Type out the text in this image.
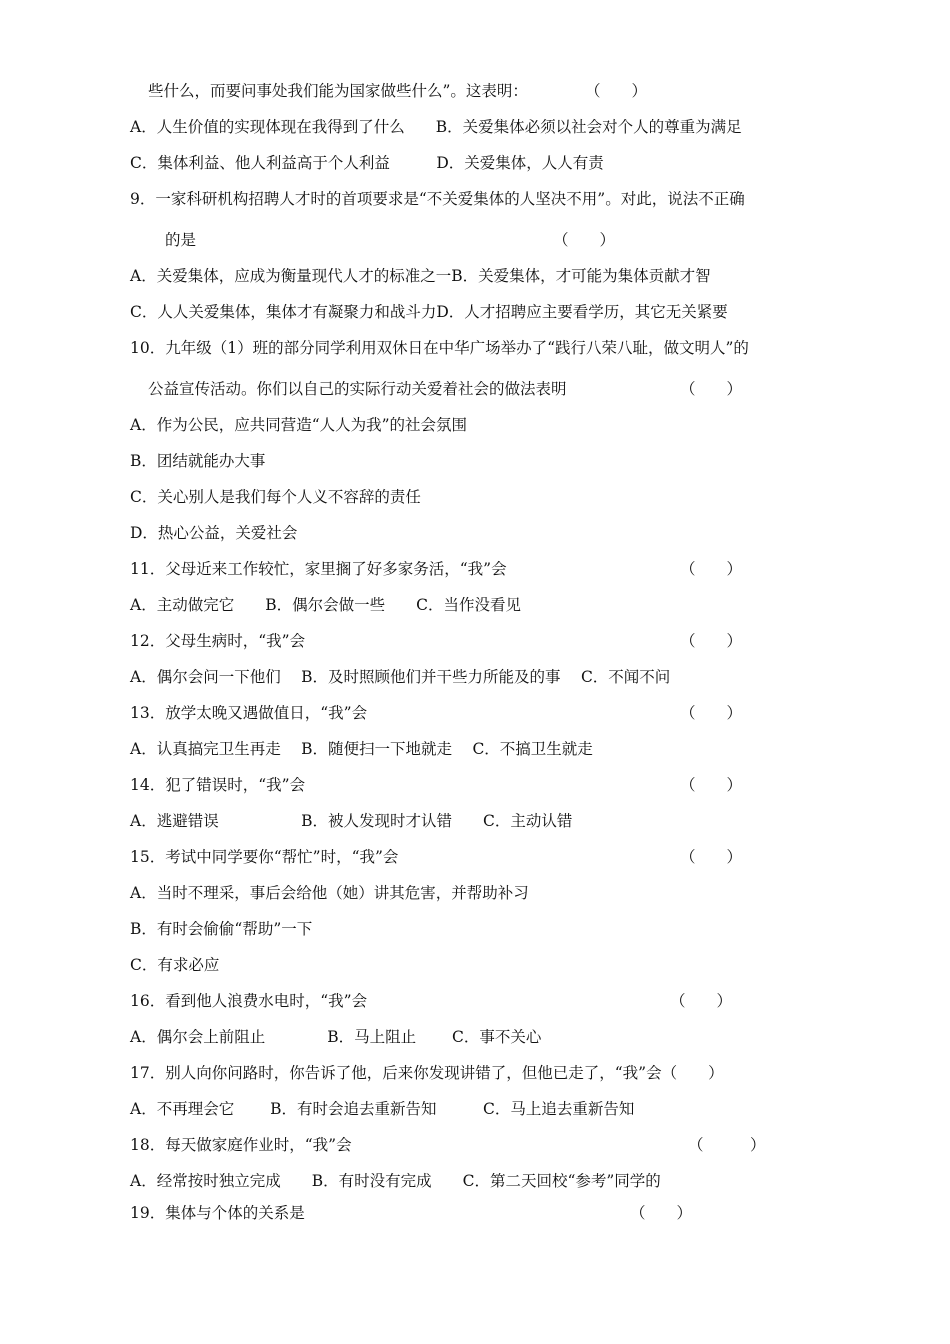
些什么，而要问事处我们能为国家做些什么”。这表明：	（　　）
A．人生价值的实现体现在我得到了什么　　B．关爱集体必须以社会对个人的尊重为满足
C．集体利益、他人利益高于个人利益　　　D．关爱集体，人人有责
9．一家科研机构招聘人才时的首项要求是“不关爱集体的人坚决不用”。对此，说法不正确
的是	（　　）
A．关爱集体，应成为衡量现代人才的标准之一B．关爱集体，才可能为集体贡献才智
C．人人关爱集体，集体才有凝聚力和战斗力D．人才招聘应主要看学历，其它无关紧要
10．九年级（1）班的部分同学利用双休日在中华广场举办了“践行八荣八耻，做文明人”的
公益宣传活动。你们以自己的实际行动关爱着社会的做法表明	（　　）
A．作为公民，应共同营造“人人为我”的社会氛围
B．团结就能办大事
C．关心别人是我们每个人义不容辞的责任
D．热心公益，关爱社会
11．父母近来工作较忙，家里搁了好多家务活，“我”会	（　　）
A．主动做完它　　B．偶尔会做一些　　C．当作没看见
12．父母生病时，“我”会	（　　）
A．偶尔会问一下他们　 B．及时照顾他们并干些力所能及的事　 C．不闻不问
13．放学太晚又遇做值日，“我”会	（　　）
A．认真搞完卫生再走　 B．随便扫一下地就走　 C．不搞卫生就走
14．犯了错误时，“我”会	（　　）
A．逃避错误　　　　　 B．被人发现时才认错　　C．主动认错
15．考试中同学要你“帮忙”时，“我”会	（　　）
A．当时不理采，事后会给他（她）讲其危害，并帮助补习
B．有时会偷偷“帮助”一下
C．有求必应
16．看到他人浪费水电时，“我”会	（　　）
A．偶尔会上前阻止　　　　B．马上阻止　　 C．事不关心
17．别人向你问路时，你告诉了他，后来你发现讲错了，但他已走了，“我”会（　　）
A．不再理会它　　 B．有时会追去重新告知　　　C．马上追去重新告知
18．每天做家庭作业时，“我”会	（　　　）
A．经常按时独立完成　　B．有时没有完成　　C．第二天回校“参考”同学的
19．集体与个体的关系是	（　　）
